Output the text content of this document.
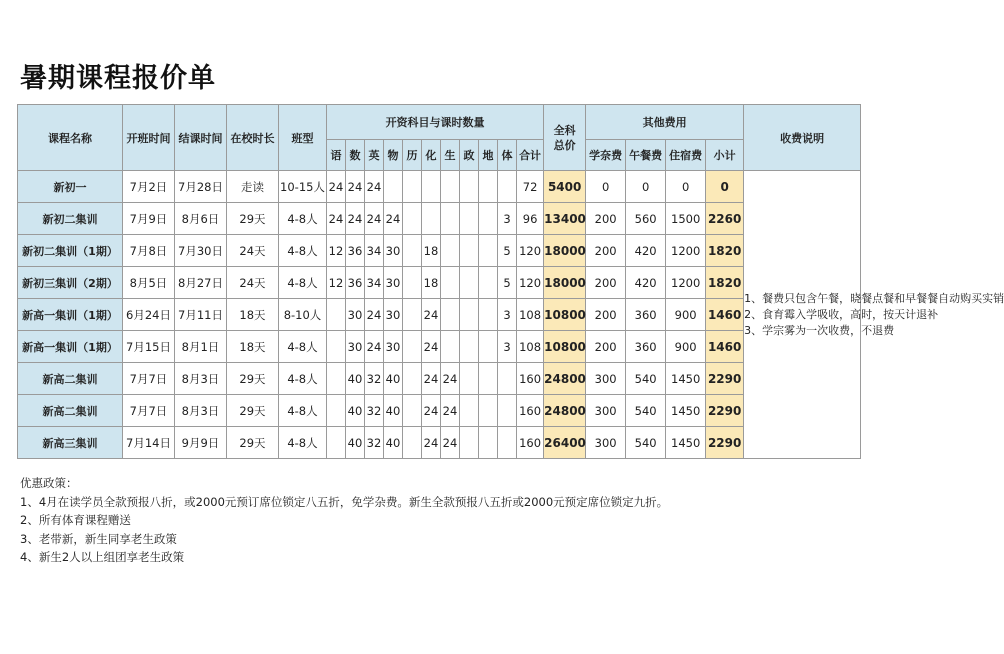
暑期课程报价单
课程名称	开班时间	结课时间	在校时长	班型	开资科目与课时数量											全科总价	其他费用				收费说明
					语	数	英	物	历	化	生	政	地	体	合计		学奈费	午餐费	住宿费	小计	
新初一	7月2日	7月28日	走读	10-15人	24	24	24								72	5400	0	0	0	0	1、餐费只包含午餐，晓餐点餐和早餐餐自动购买实销
2、食育霉入学吸收，高时，按天计退补
3、学宗雾为一次收费，不退费

新初二集训	7月9日	8月6日	29天	4-8人	24	24	24	24						3	96	13400	200	560	1500	2260	
新初二集训（1期）	7月8日	7月30日	24天	4-8人	12	36	34	30		18				5	120	18000	200	420	1200	1820	
新初三集训（2期）	8月5日	8月27日	24天	4-8人	12	36	34	30		18				5	120	18000	200	420	1200	1820	
新高一集训（1期）	6月24日	7月11日	18天	8-10人		30	24	30		24				3	108	10800	200	360	900	1460	
新高一集训（1期）	7月15日	8月1日	18天	4-8人		30	24	30		24				3	108	10800	200	360	900	1460	
新高二集训	7月7日	8月3日	29天	4-8人		40	32	40		24	24				160	24800	300	540	1450	2290	
新高二集训	7月7日	8月3日	29天	4-8人		40	32	40		24	24				160	24800	300	540	1450	2290	
新高三集训	7月14日	9月9日	29天	4-8人		40	32	40		24	24				160	26400	300	540	1450	2290	
优惠政策：
1、4月在读学员全款预报八折，或2000元预订席位锁定八五折，免学杂费。新生全款预报八五折或2000元预定席位锁定九折。
2、所有体育课程赠送
3、老带新，新生同享老生政策
4、新生2人以上组团享老生政策
